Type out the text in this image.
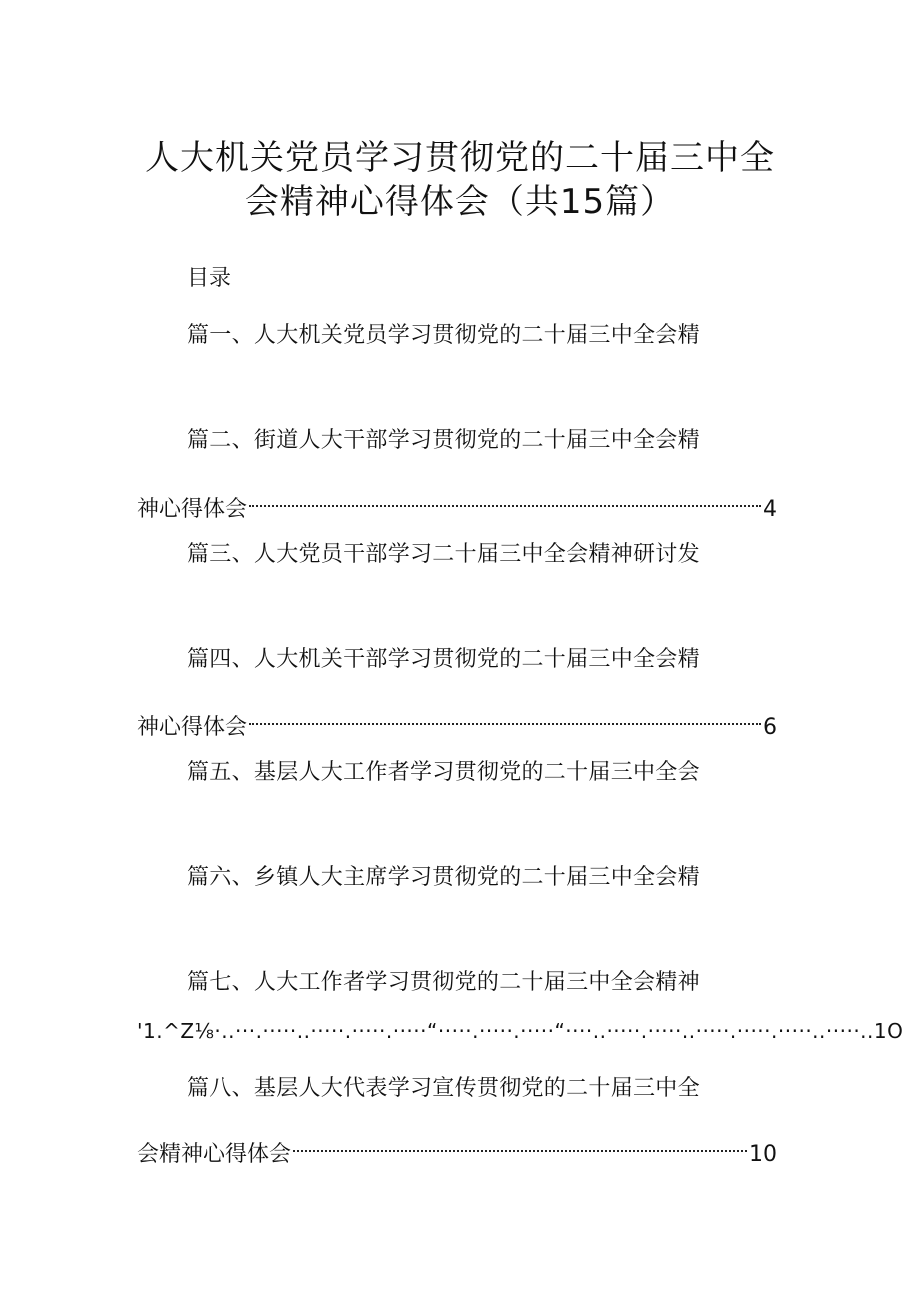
人大机关党员学习贯彻党的二十届三中全
会精神心得体会（共15篇）
目录
篇一、人大机关党员学习贯彻党的二十届三中全会精
篇二、街道人大干部学习贯彻党的二十届三中全会精
神心得体会	4
篇三、人大党员干部学习二十届三中全会精神研讨发
篇四、人大机关干部学习贯彻党的二十届三中全会精
神心得体会	6
篇五、基层人大工作者学习贯彻党的二十届三中全会
篇六、乡镇人大主席学习贯彻党的二十届三中全会精
篇七、人大工作者学习贯彻党的二十届三中全会精神
'1.^Z⅛·..···.·····..·····.·····.·····“·····.·····.·····“····..·····.·····..·····.·····.·····..·····..1O
篇八、基层人大代表学习宣传贯彻党的二十届三中全
会精神心得体会	10
